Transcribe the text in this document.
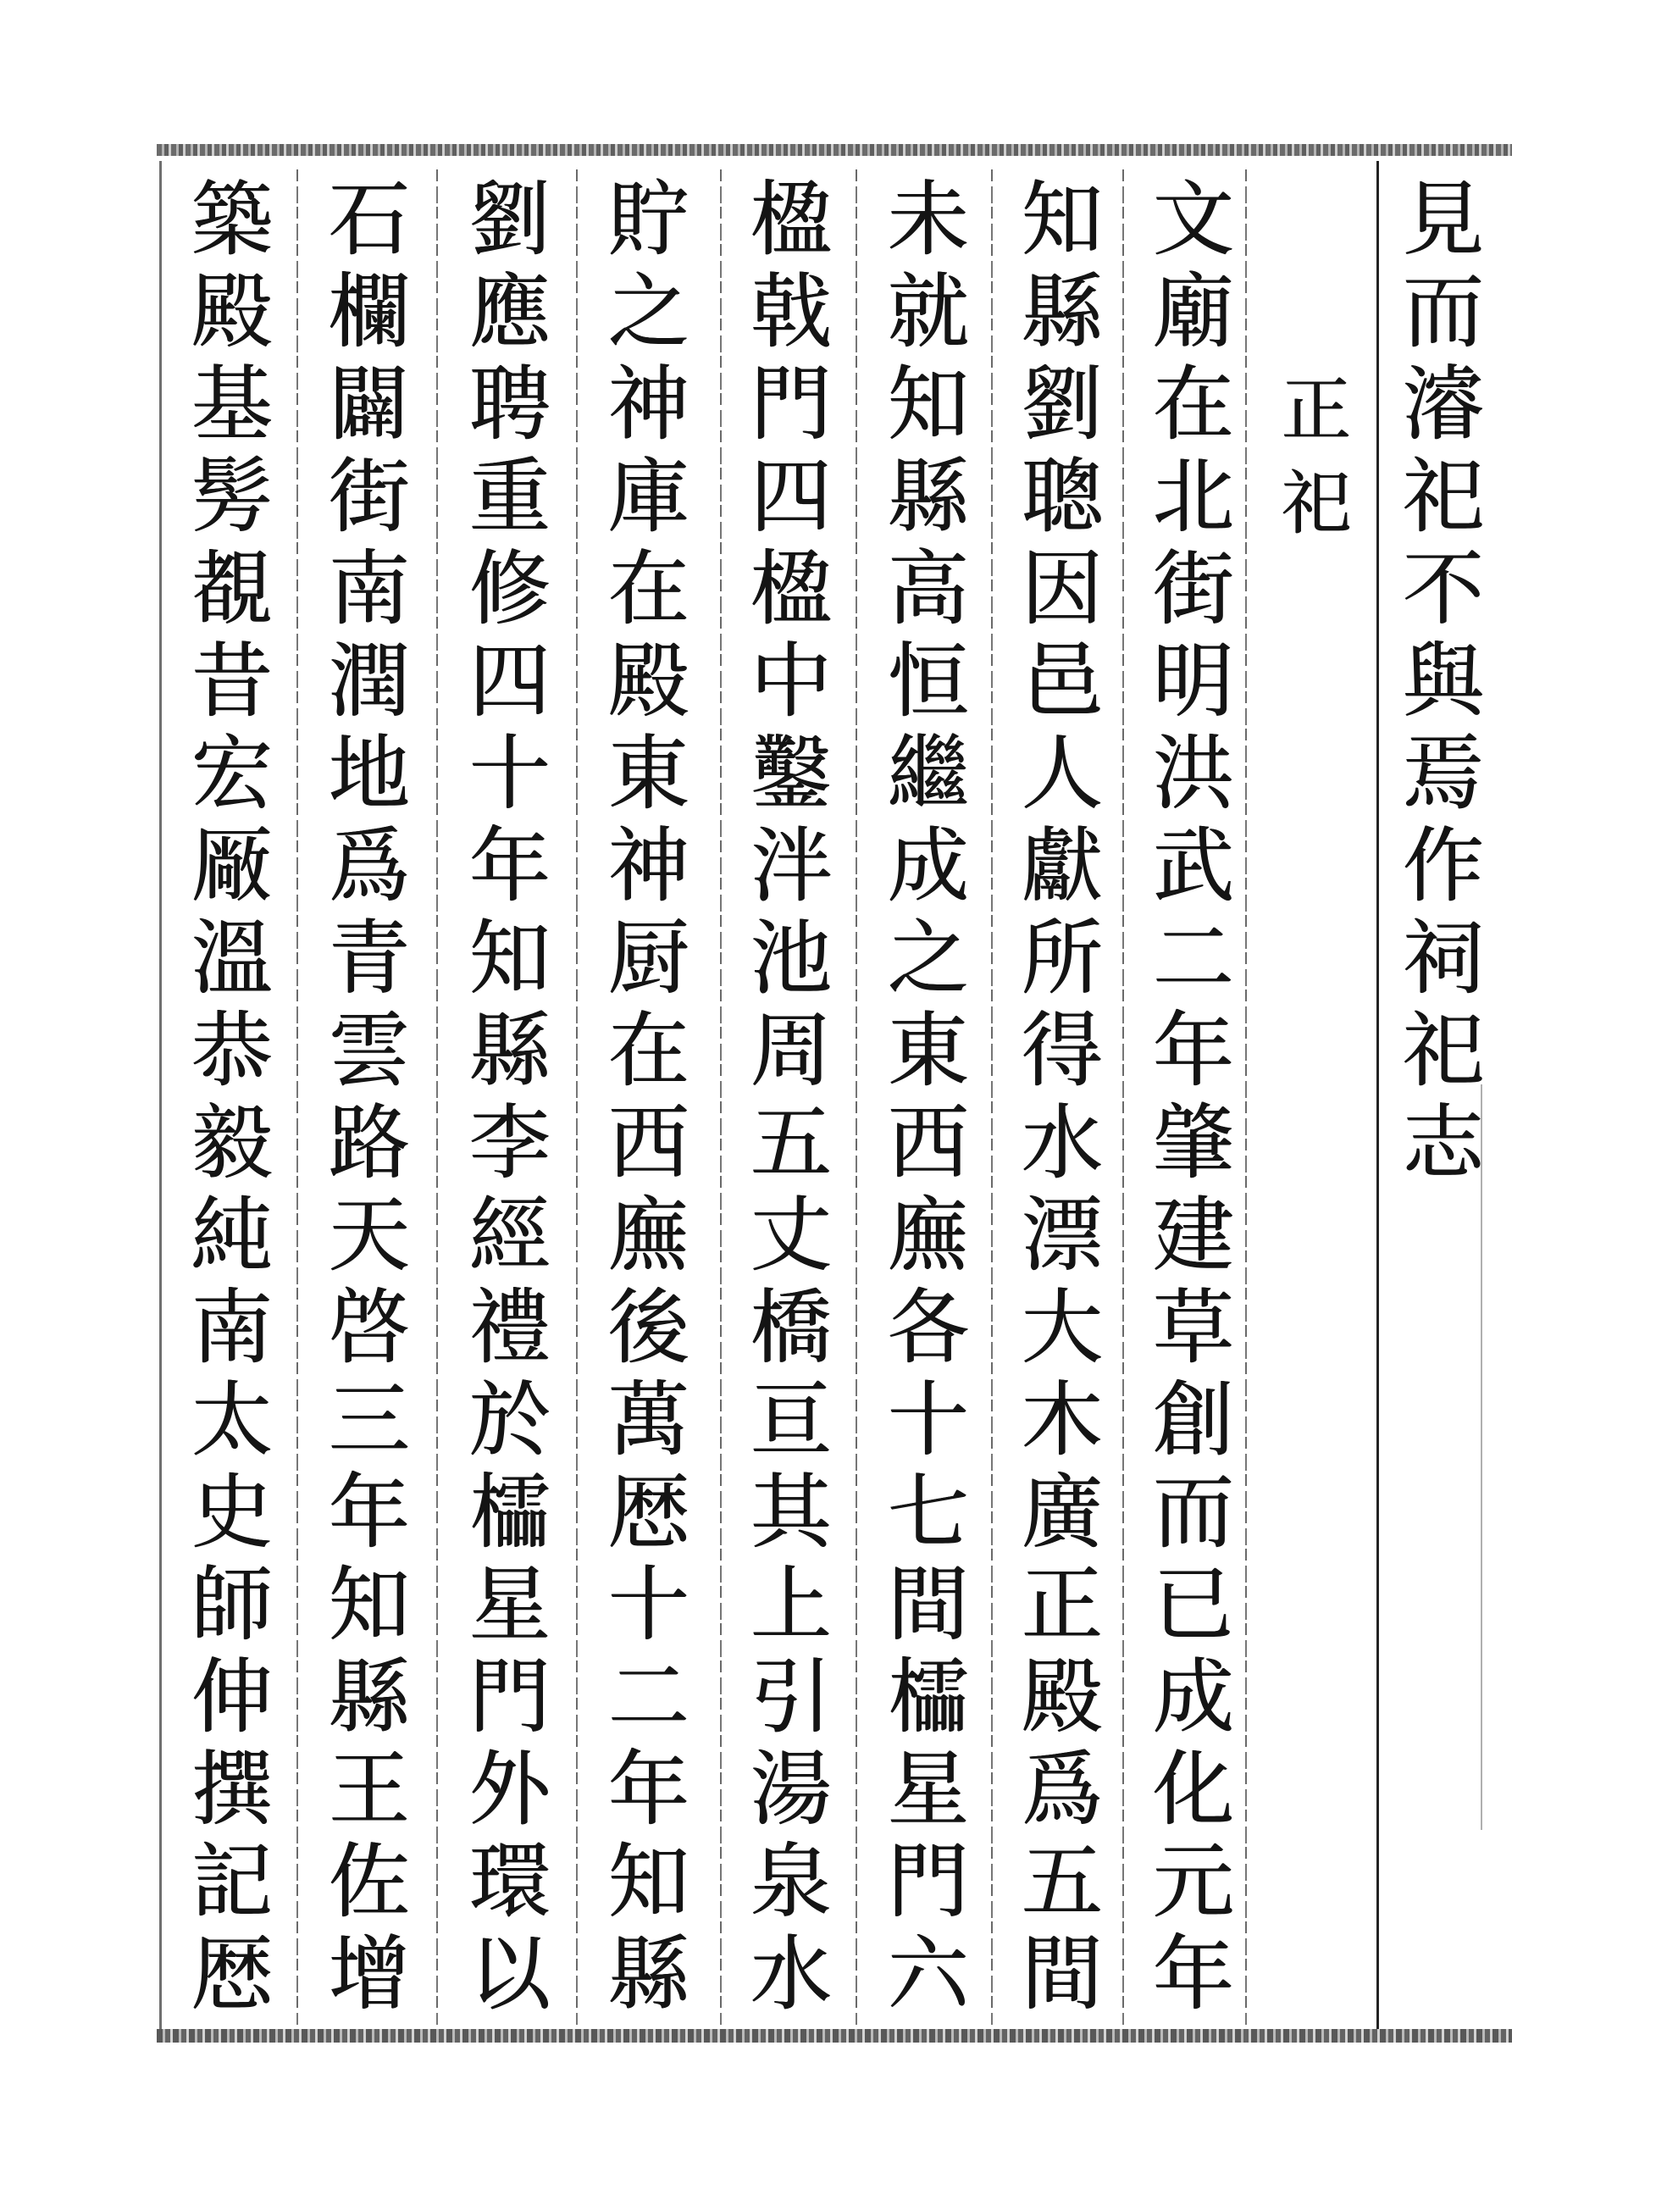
見
而
濬
祀
不
與
焉
作
祠
祀
志
正
祀
文
廟
在
北
街
明
洪
武
二
年
肇
建
草
創
而
已
成
化
元
年
知
縣
劉
聰
因
邑
人
獻
所
得
水
漂
大
木
廣
正
殿
爲
五
間
未
就
知
縣
高
恒
繼
成
之
東
西
廡
各
十
七
間
櫺
星
門
六
楹
戟
門
四
楹
中
鑿
泮
池
周
五
丈
橋
亘
其
上
引
湯
泉
水
貯
之
神
庫
在
殿
東
神
厨
在
西
廡
後
萬
厯
十
二
年
知
縣
劉
應
聘
重
修
四
十
年
知
縣
李
經
禮
於
櫺
星
門
外
環
以
石
欄
闢
街
南
潤
地
爲
青
雲
路
天
啓
三
年
知
縣
王
佐
增
築
殿
基
髣
覩
昔
宏
厰
溫
恭
毅
純
南
太
史
師
伸
撰
記
厯
